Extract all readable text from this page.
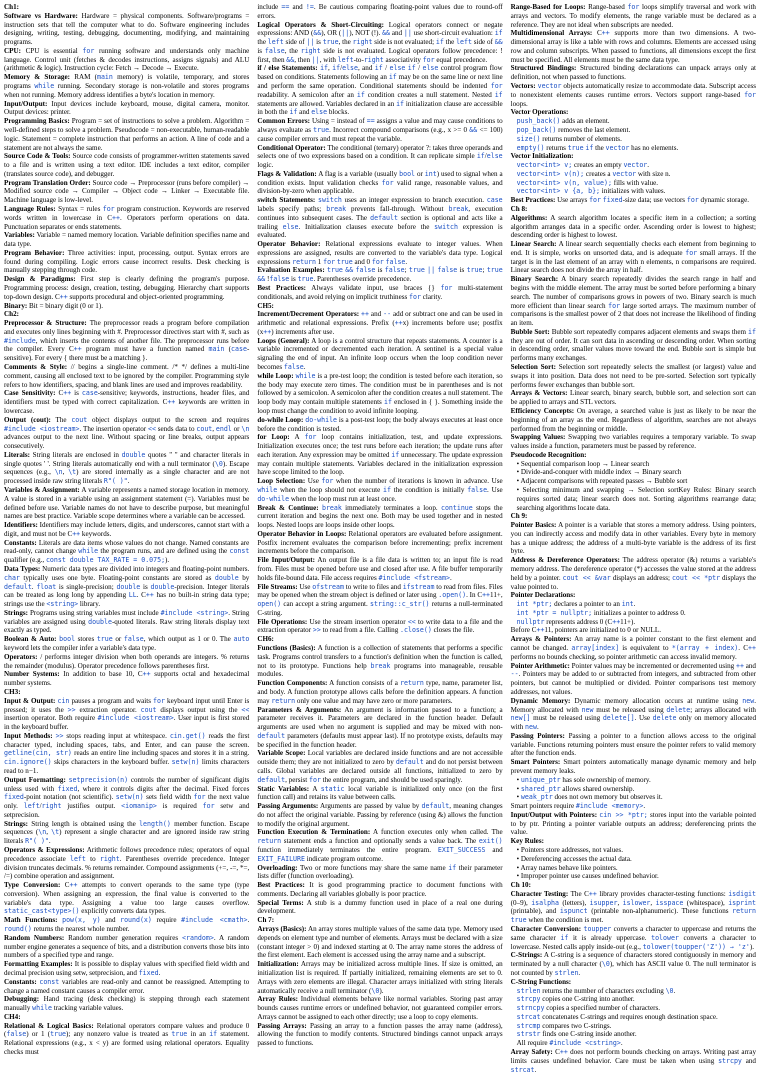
Ch1:

Software vs Hardware: Hardware = physical components. Software/programs = instruction sets that tell the computer what to do. Software engineering includes designing, writing, testing, debugging, documenting, modifying, and maintaining programs.

CPU: CPU is essential for running software and understands only machine language. Control unit (fetches & decodes instructions, assigns signals) and ALU (arithmetic & logic). Instruction cycle: Fetch → Decode → Execute.

Memory & Storage: RAM (main memory) is volatile, temporary, and stores programs while running. Secondary storage is non-volatile and stores programs when not running. Memory address identifies a byte's location in memory.

Input/Output: Input devices include keyboard, mouse, digital camera, monitor. Output devices: printer.

Programming Basics: Program = set of instructions to solve a problem. Algorithm = well-defined steps to solve a problem. Pseudocode = non-executable, human-readable logic. Statement = complete instruction that performs an action. A line of code and a statement are not always the same.

Source Code & Tools: Source code consists of programmer-written statements saved to a file and is written using a text editor. IDE includes a text editor, compiler (translates source code), and debugger.

Program Translation Order: Source code → Preprocessor (runs before compiler) → Modified source code → Compiler → Object code → Linker → Executable file. Machine language is low-level.

Language Rules: Syntax = rules for program construction. Keywords are reserved words written in lowercase in C++. Operators perform operations on data. Punctuation separates or ends statements.

Variables: Variable = named memory location. Variable definition specifies name and data type.

Program Behavior: Three activities: input, processing, output. Syntax errors are found during compiling. Logic errors cause incorrect results. Desk checking is manually stepping through code.

Design & Paradigms: First step is clearly defining the program's purpose. Programming process: design, creation, testing, debugging. Hierarchy chart supports top-down design. C++ supports procedural and object-oriented programming.

Binary: Bit = binary digit (0 or 1).

Ch2:

Preprocessor & Structure: The preprocessor reads a program before compilation and executes only lines beginning with #. Preprocessor directives start with #, such as #include, which inserts the contents of another file. The preprocessor runs before the compiler. Every C++ program must have a function named main (case-sensitive). For every { there must be a matching }.

Comments & Style: // begins a single-line comment. /* */ defines a multi-line comment, causing all enclosed text to be ignored by the compiler. Programming style refers to how identifiers, spacing, and blank lines are used and improves readability.

Case Sensitivity: C++ is case-sensitive; keywords, instructions, header files, and identifiers must be typed with correct capitalization. C++ keywords are written in lowercase.

Output (cout): The cout object displays output to the screen and requires #include <iostream>. The insertion operator << sends data to cout, endl or \n advances output to the next line. Without spacing or line breaks, output appears consecutively.

Literals: String literals are enclosed in double quotes " " and character literals in single quotes ' '. String literals automatically end with a null terminator (\0). Escape sequences (e.g., \n, \t) are stored internally as a single character and are not processed inside raw string literals R"( )".

Variables & Assignment: A variable represents a named storage location in memory. A value is stored in a variable using an assignment statement (=). Variables must be defined before use. Variable names do not have to describe purpose, but meaningful names are best practice. Variable scope determines where a variable can be accessed.

Identifiers: Identifiers may include letters, digits, and underscores, cannot start with a digit, and must not be C++ keywords.

Constants: Literals are data items whose values do not change. Named constants are read-only, cannot change while the program runs, and are defined using the const qualifier (e.g., const double TAX_RATE = 0.075;).

Data Types: Numeric data types are divided into integers and floating-point numbers. char typically uses one byte. Floating-point constants are stored as double by default. float is single-precision; double is double-precision. Integer literals can be treated as long long by appending LL. C++ has no built-in string data type; strings use the <string> library.

Strings: Programs using string variables must include #include <string>. String variables are assigned using double-quoted literals. Raw string literals display text exactly as typed.

Boolean & Auto: bool stores true or false, which output as 1 or 0. The auto keyword lets the compiler infer a variable's data type.

Operators: / performs integer division when both operands are integers. % returns the remainder (modulus). Operator precedence follows parentheses first.

Number Systems: In addition to base 10, C++ supports octal and hexadecimal number systems.

CH3:

Input & Output: cin pauses a program and waits for keyboard input until Enter is pressed; it uses the >> extraction operator. cout displays output using the << insertion operator. Both require #include <iostream>. User input is first stored in the keyboard buffer.

Input Methods: >> stops reading input at whitespace. cin.get() reads the first character typed, including spaces, tabs, and Enter, and can pause the screen. getline(cin, str) reads an entire line including spaces and stores it in a string. cin.ignore() skips characters in the keyboard buffer. setw(n) limits characters read to n−1.

Output Formatting: setprecision(n) controls the number of significant digits unless used with fixed, where it controls digits after the decimal. Fixed forces fixed-point notation (not scientific). setw(n) sets field width for the next value only. left/right justifies output. <iomanip> is required for setw and setprecision.

Strings: String length is obtained using the length() member function. Escape sequences (\n, \t) represent a single character and are ignored inside raw string literals R"( )".

Operators & Expressions: Arithmetic follows precedence rules; operators of equal precedence associate left to right. Parentheses override precedence. Integer division truncates decimals. % returns remainder. Compound assignments (+=, -=, *=, /=) combine operation and assignment.

Type Conversion: C++ attempts to convert operands to the same type (type conversion). When assigning an expression, the final value is converted to the variable's data type. Assigning a value too large causes overflow. static_cast<type>() explicitly converts data types.

Math Functions: pow(x, y) and round(x) require #include <cmath>. round() returns the nearest whole number.

Random Numbers: Random number generation requires <random>. A random number engine generates a sequence of bits, and a distribution converts those bits into numbers of a specified type and range.

Formatting Examples: It is possible to display values with specified field width and decimal precision using setw, setprecision, and fixed.

Constants: const variables are read-only and cannot be reassigned. Attempting to change a named constant causes a compiler error.

Debugging: Hand tracing (desk checking) is stepping through each statement manually while tracking variable values.

CH4:

Relational & Logical Basics: Relational operators compare values and produce 0 (false) or 1 (true); any nonzero value is treated as true in an if statement. Relational expressions (e.g., x < y) are formed using relational operators. Equality checks must

include == and !=. Be cautious comparing floating-point values due to round-off errors.

Logical Operators & Short-Circuiting: Logical operators connect or negate expressions: AND (&&), OR (||), NOT (!). && and || use short-circuit evaluation: if the left side of || is true, the right side is not evaluated; if the left side of && is false, the right side is not evaluated. Logical operators follow precedence: ! first, then &&, then ||, with left-to-right associativity for equal precedence.

if / else Statements: if, if/else, and if / else if / else control program flow based on conditions. Statements following an if may be on the same line or next line and perform the same operation. Conditional statements should be indented for readability. A semicolon after an if condition creates a null statement. Nested if statements are allowed. Variables declared in an if initialization clause are accessible in both the if and else blocks.

Common Errors: Using = instead of == assigns a value and may cause conditions to always evaluate as true. Incorrect compound comparisons (e.g., x >= 0 && <= 100) cause compiler errors and must repeat the variable.

Conditional Operator: The conditional (ternary) operator ?: takes three operands and selects one of two expressions based on a condition. It can replicate simple if/else logic.

Flags & Validation: A flag is a variable (usually bool or int) used to signal when a condition exists. Input validation checks for valid range, reasonable values, and division-by-zero when applicable.

switch Statements: switch uses an integer expression to branch execution. case labels specify paths; break prevents fall-through. Without break, execution continues into subsequent cases. The default section is optional and acts like a trailing else. Initialization clauses execute before the switch expression is evaluated.

Operator Behavior: Relational expressions evaluate to integer values. When expressions are assigned, results are converted to the variable's data type. Logical expressions return 1 for true and 0 for false.

Evaluation Examples: true && false is false; true || false is true; true && !false is true. Parentheses override precedence.

Best Practices: Always validate input, use braces {} for multi-statement conditionals, and avoid relying on implicit truthiness for clarity.

CH5:

Increment/Decrement Operators: ++ and -- add or subtract one and can be used in arithmetic and relational expressions. Prefix (++x) increments before use; postfix (x++) increments after use.

Loops (General): A loop is a control structure that repeats statements. A counter is a variable incremented or decremented each iteration. A sentinel is a special value signaling the end of input. An infinite loop occurs when the loop condition never becomes false.

while Loop: while is a pre-test loop; the condition is tested before each iteration, so the body may execute zero times. The condition must be in parentheses and is not followed by a semicolon. A semicolon after the condition creates a null statement. The loop body may contain multiple statements if enclosed in { }. Something inside the loop must change the condition to avoid infinite looping.

do-while Loop: do-while is a post-test loop; the body always executes at least once before the condition is tested.

for Loop: A for loop contains initialization, test, and update expressions. Initialization executes once; the test runs before each iteration; the update runs after each iteration. Any expression may be omitted if unnecessary. The update expression may contain multiple statements. Variables declared in the initialization expression have scope limited to the loop.

Loop Selection: Use for when the number of iterations is known in advance. Use while when the loop should not execute if the condition is initially false. Use do-while when the loop must run at least once.

Break & Continue: break immediately terminates a loop. continue stops the current iteration and begins the next one. Both may be used together and in nested loops. Nested loops are loops inside other loops.

Operator Behavior in Loops: Relational operators are evaluated before assignment. Postfix increment evaluates the comparison before incrementing; prefix increment increments before the comparison.

File Input/Output: An output file is a file data is written to; an input file is read from. Files must be opened before use and closed after use. A file buffer temporarily holds file-bound data. File access requires #include <fstream>.

File Streams: Use ofstream to write to files and ifstream to read from files. Files may be opened when the stream object is defined or later using .open(). In C++11+, open() can accept a string argument. string::c_str() returns a null-terminated C-string.

File Operations: Use the stream insertion operator << to write data to a file and the extraction operator >> to read from a file. Calling .close() closes the file.

CH6:

Functions (Basics): A function is a collection of statements that performs a specific task. Programs control transfers to a function's definition when the function is called, not to its prototype. Functions help break programs into manageable, reusable modules.

Function Components: A function consists of a return type, name, parameter list, and body. A function prototype allows calls before the definition appears. A function may return only one value and may have zero or more parameters.

Parameters & Arguments: An argument is information passed to a function; a parameter receives it. Parameters are declared in the function header. Default arguments are used when no argument is supplied and may be mixed with non-default parameters (defaults must appear last). If no prototype exists, defaults may be specified in the function header.

Variable Scope: Local variables are declared inside functions and are not accessible outside them; they are not initialized to zero by default and do not persist between calls. Global variables are declared outside all functions, initialized to zero by default, persist for the entire program, and should be used sparingly.

Static Variables: A static local variable is initialized only once (on the first function call) and retains its value between calls.

Passing Arguments: Arguments are passed by value by default, meaning changes do not affect the original variable. Passing by reference (using &) allows the function to modify the original argument.

Function Execution & Termination: A function executes only when called. The return statement ends a function and optionally sends a value back. The exit() function immediately terminates the entire program. EXIT_SUCCESS and EXIT_FAILURE indicate program outcome.

Overloading: Two or more functions may share the same name if their parameter lists differ (function overloading).

Best Practices: It is good programming practice to document functions with comments. Declaring all variables globally is poor practice.

Special Terms: A stub is a dummy function used in place of a real one during development.

Ch 7:

Arrays (Basics): An array stores multiple values of the same data type. Memory used depends on element type and number of elements. Arrays must be declared with a size (constant integer > 0) and indexed starting at 0. The array name stores the address of the first element. Each element is accessed using the array name and a subscript.

Initialization: Arrays may be initialized across multiple lines. If size is omitted, an initialization list is required. If partially initialized, remaining elements are set to 0. Arrays with zero elements are illegal. Character arrays initialized with string literals automatically receive a null terminator (\0).

Array Rules: Individual elements behave like normal variables. Storing past array bounds causes runtime errors or undefined behavior, not guaranteed compiler errors. Arrays cannot be assigned to each other directly; use a loop to copy elements.

Passing Arrays: Passing an array to a function passes the array name (address), allowing the function to modify contents. Structured bindings cannot unpack arrays passed to functions.

Range-Based for Loops: Range-based for loops simplify traversal and work with arrays and vectors. To modify elements, the range variable must be declared as a reference. They are not ideal when subscripts are needed.

Multidimensional Arrays: C++ supports more than two dimensions. A two-dimensional array is like a table with rows and columns. Elements are accessed using row and column subscripts. When passed to functions, all dimensions except the first must be specified. All elements must be the same data type.

Structured Bindings: Structured binding declarations can unpack arrays only at definition, not when passed to functions.

Vectors: vector objects automatically resize to accommodate data. Subscript access to nonexistent elements causes runtime errors. Vectors support range-based for loops.

Vector Operations:

push_back() adds an element.

pop_back() removes the last element.

size() returns number of elements.

empty() returns true if the vector has no elements.

Vector Initialization:

vector<int> v; creates an empty vector.

vector<int> v(n); creates a vector with size n.

vector<int> v(n, value); fills with value.

vector<int> v {a, b}; initializes with values.

Best Practices: Use arrays for fixed-size data; use vectors for dynamic storage.

Ch 8:

Algorithms: A search algorithm locates a specific item in a collection; a sorting algorithm arranges data in a specific order. Ascending order is lowest to highest; descending order is highest to lowest.

Linear Search: A linear search sequentially checks each element from beginning to end. It is simple, works on unsorted data, and is adequate for small arrays. If the target is in the last element of an array with n elements, n comparisons are required. Linear search does not divide the array in half.

Binary Search: A binary search repeatedly divides the search range in half and begins with the middle element. The array must be sorted before performing a binary search. The number of comparisons grows in powers of two. Binary search is much more efficient than linear search for large sorted arrays. The maximum number of comparisons is the smallest power of 2 that does not increase the likelihood of finding an item.

Bubble Sort: Bubble sort repeatedly compares adjacent elements and swaps them if they are out of order. It can sort data in ascending or descending order. When sorting in descending order, smaller values move toward the end. Bubble sort is simple but performs many exchanges.

Selection Sort: Selection sort repeatedly selects the smallest (or largest) value and swaps it into position. Data does not need to be pre-sorted. Selection sort typically performs fewer exchanges than bubble sort.

Arrays & Vectors: Linear search, binary search, bubble sort, and selection sort can be applied to arrays and STL vectors.

Efficiency Concepts: On average, a searched value is just as likely to be near the beginning of an array as the end. Regardless of algorithm, searches are not always performed from the beginning or middle.

Swapping Values: Swapping two variables requires a temporary variable. To swap values inside a function, parameters must be passed by reference.

Pseudocode Recognition:

• Sequential comparison loop → Linear search

• Divide-and-conquer with middle index → Binary search

• Adjacent comparisons with repeated passes → Bubble sort

• Selecting minimum and swapping → Selection sortKey Rules: Binary search requires sorted data; linear search does not. Sorting algorithms rearrange data; searching algorithms locate data.

Ch 9:

Pointer Basics: A pointer is a variable that stores a memory address. Using pointers, you can indirectly access and modify data in other variables. Every byte in memory has a unique address; the address of a multi-byte variable is the address of its first byte.

Address & Dereference Operators: The address operator (&) returns a variable's memory address. The dereference operator (*) accesses the value stored at the address held by a pointer. cout << &var displays an address; cout << *ptr displays the value pointed to.

Pointer Declarations:

int *ptr; declares a pointer to an int.

int *ptr = nullptr; initializes a pointer to address 0.

nullptr represents address 0 (C++11+).

Before C++11, pointers are initialized to 0 or NULL.

Arrays & Pointers: An array name is a pointer constant to the first element and cannot be changed. array[index] is equivalent to *(array + index). C++ performs no bounds checking, so pointer arithmetic can access invalid memory.

Pointer Arithmetic: Pointer values may be incremented or decremented using ++ and --. Pointers may be added to or subtracted from integers, and subtracted from other pointers, but cannot be multiplied or divided. Pointer comparisons test memory addresses, not values.

Dynamic Memory: Dynamic memory allocation occurs at runtime using new. Memory allocated with new must be released using delete; arrays allocated with new[] must be released using delete[]. Use delete only on memory allocated with new.

Passing Pointers: Passing a pointer to a function allows access to the original variable. Functions returning pointers must ensure the pointer refers to valid memory after the function ends.

Smart Pointers: Smart pointers automatically manage dynamic memory and help prevent memory leaks.

• unique_ptr has sole ownership of memory.

• shared_ptr allows shared ownership.

• weak_ptr does not own memory but observes it.

Smart pointers require #include <memory>.

Input/Output with Pointers: cin >> *ptr; stores input into the variable pointed to by ptr. Printing a pointer variable outputs an address; dereferencing prints the value.

Key Rules:

• Pointers store addresses, not values.

• Dereferencing accesses the actual data.

• Array names behave like pointers.

• Improper pointer use causes undefined behavior.

Ch 10:

Character Testing: The C++ library provides character-testing functions: isdigit (0–9), isalpha (letters), isupper, islower, isspace (whitespace), isprint (printable), and ispunct (printable non-alphanumeric). These functions return true when the condition is met.

Character Conversion: toupper converts a character to uppercase and returns the same character if it is already uppercase. tolower converts a character to lowercase. Nested calls apply inside-out (e.g., tolower(toupper('Z')) → 'z').

C-Strings: A C-string is a sequence of characters stored contiguously in memory and terminated by a null character (\0), which has ASCII value 0. The null terminator is not counted by strlen.

C-String Functions:

strlen returns the number of characters excluding \0.

strcpy copies one C-string into another.

strncpy copies a specified number of characters.

strcat concatenates C-strings and requires enough destination space.

strcmp compares two C-strings.

strstr finds one C-string inside another.

All require #include <cstring>.

Array Safety: C++ does not perform bounds checking on arrays. Writing past array limits causes undefined behavior. Care must be taken when using strcpy and strcat.
